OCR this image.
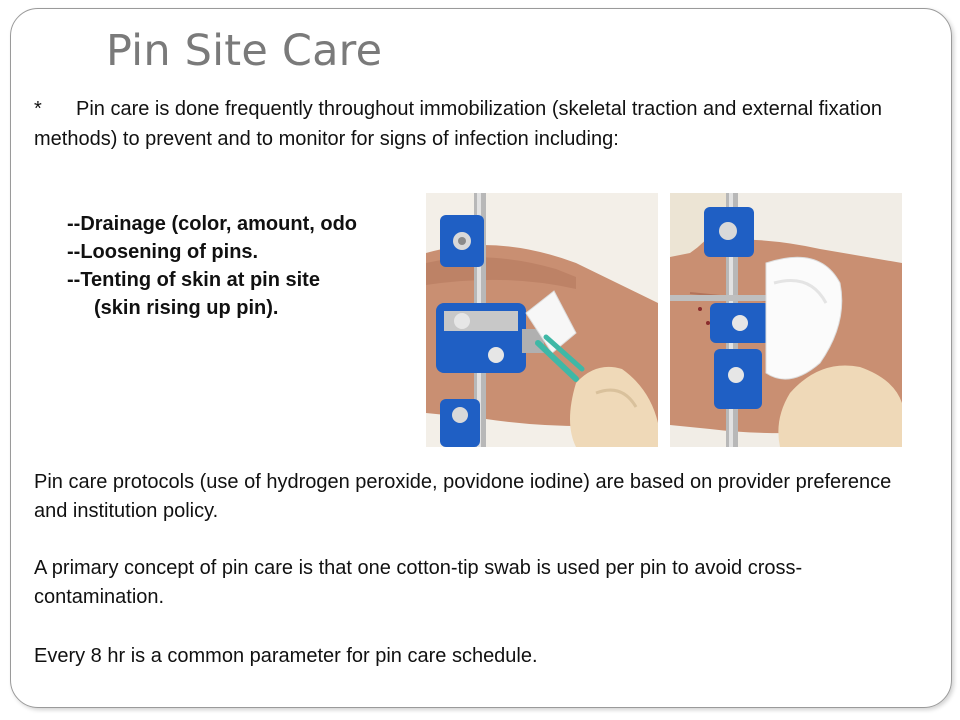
Pin Site Care

* Pin care is done frequently throughout immobilization (skeletal traction and external fixation methods) to prevent and to monitor for signs of infection including:

--Drainage (color, amount, odo
--Loosening of pins.
--Tenting of skin at pin site
(skin rising up pin).

Pin care protocols (use of hydrogen peroxide, povidone iodine) are based on provider preference and institution policy.

A primary concept of pin care is that one cotton-tip swab is used per pin to avoid cross-contamination.

Every 8 hr is a common parameter for pin care schedule.
